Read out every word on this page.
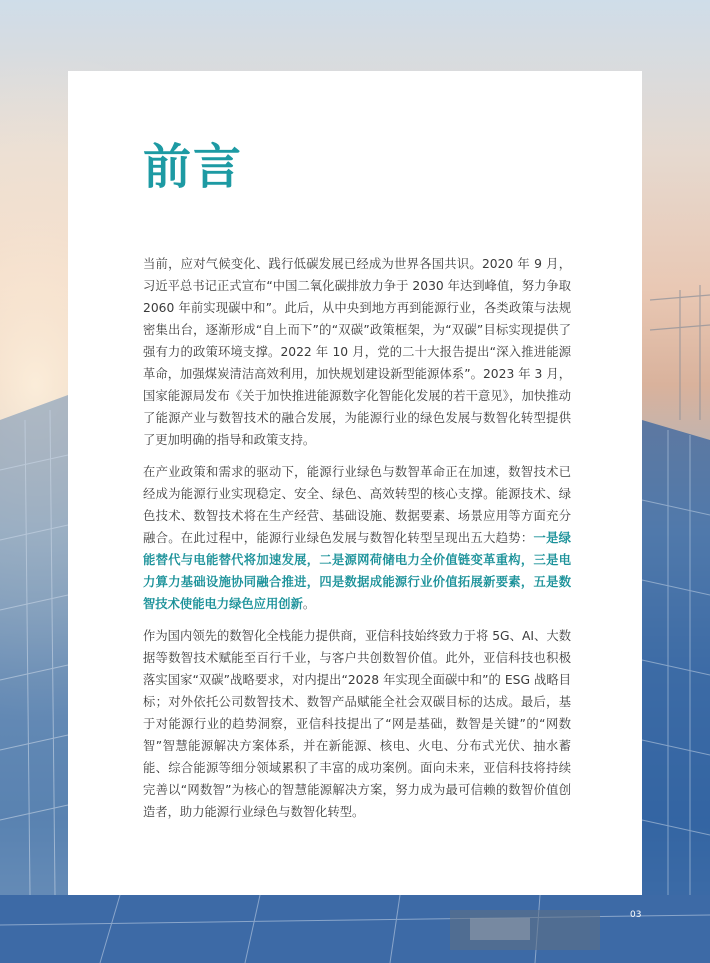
前言

当前，应对气候变化、践行低碳发展已经成为世界各国共识。2020 年 9 月，习近平总书记正式宣布“中国二氧化碳排放力争于 2030 年达到峰值，努力争取 2060 年前实现碳中和”。此后，从中央到地方再到能源行业，各类政策与法规密集出台，逐渐形成“自上而下”的“双碳”政策框架，为“双碳”目标实现提供了强有力的政策环境支撑。2022 年 10 月，党的二十大报告提出“深入推进能源革命，加强煤炭清洁高效利用，加快规划建设新型能源体系”。2023 年 3 月，国家能源局发布《关于加快推进能源数字化智能化发展的若干意见》，加快推动了能源产业与数智技术的融合发展，为能源行业的绿色发展与数智化转型提供了更加明确的指导和政策支持。

在产业政策和需求的驱动下，能源行业绿色与数智革命正在加速，数智技术已经成为能源行业实现稳定、安全、绿色、高效转型的核心支撑。能源技术、绿色技术、数智技术将在生产经营、基础设施、数据要素、场景应用等方面充分融合。在此过程中，能源行业绿色发展与数智化转型呈现出五大趋势：一是绿能替代与电能替代将加速发展，二是源网荷储电力全价值链变革重构，三是电力算力基础设施协同融合推进，四是数据成能源行业价值拓展新要素，五是数智技术使能电力绿色应用创新。

作为国内领先的数智化全栈能力提供商，亚信科技始终致力于将 5G、AI、大数据等数智技术赋能至百行千业，与客户共创数智价值。此外，亚信科技也积极落实国家“双碳”战略要求，对内提出“2028 年实现全面碳中和”的 ESG 战略目标；对外依托公司数智技术、数智产品赋能全社会双碳目标的达成。最后，基于对能源行业的趋势洞察，亚信科技提出了“网是基础，数智是关键”的“网数智”智慧能源解决方案体系，并在新能源、核电、火电、分布式光伏、抽水蓄能、综合能源等细分领域累积了丰富的成功案例。面向未来，亚信科技将持续完善以“网数智”为核心的智慧能源解决方案，努力成为最可信赖的数智价值创造者，助力能源行业绿色与数智化转型。

03
